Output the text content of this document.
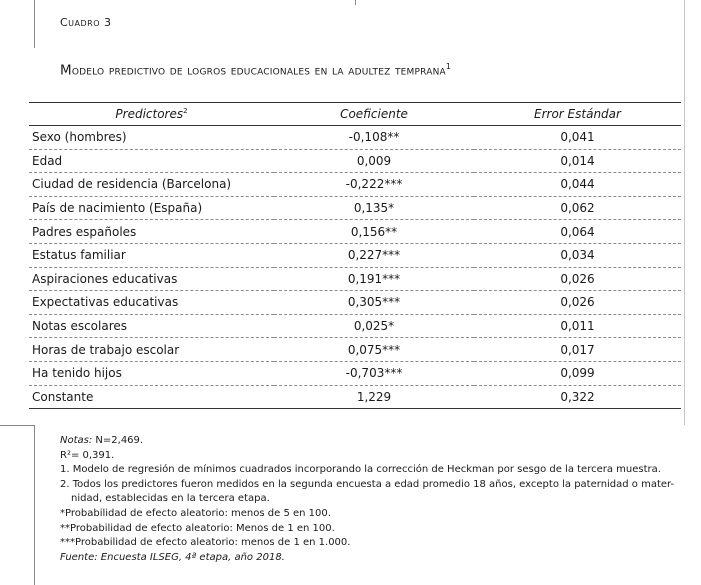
Cuadro 3
Modelo predictivo de logros educacionales en la adultez temprana$^1$
Predictores$^2$	Coeficiente	Error Estándar
Sexo (hombres)	-0,108**	0,041
Edad	0,009	0,014
Ciudad de residencia (Barcelona)	-0,222***	0,044
País de nacimiento (España)	0,135*	0,062
Padres españoles	0,156**	0,064
Estatus familiar	0,227***	0,034
Aspiraciones educativas	0,191***	0,026
Expectativas educativas	0,305***	0,026
Notas escolares	0,025*	0,011
Horas de trabajo escolar	0,075***	0,017
Ha tenido hijos	-0,703***	0,099
Constante	1,229	0,322
Notas: N=2,469.
R²= 0,391.
1. Modelo de regresión de mínimos cuadrados incorporando la corrección de Heckman por sesgo de la tercera muestra.
2. Todos los predictores fueron medidos en la segunda encuesta a edad promedio 18 años, excepto la paternidad o mater-
nidad, establecidas en la tercera etapa.
*Probabilidad de efecto aleatorio: menos de 5 en 100.
**Probabilidad de efecto aleatorio: Menos de 1 en 100.
***Probabilidad de efecto aleatorio: menos de 1 en 1.000.
Fuente: Encuesta ILSEG, 4ª etapa, año 2018.
